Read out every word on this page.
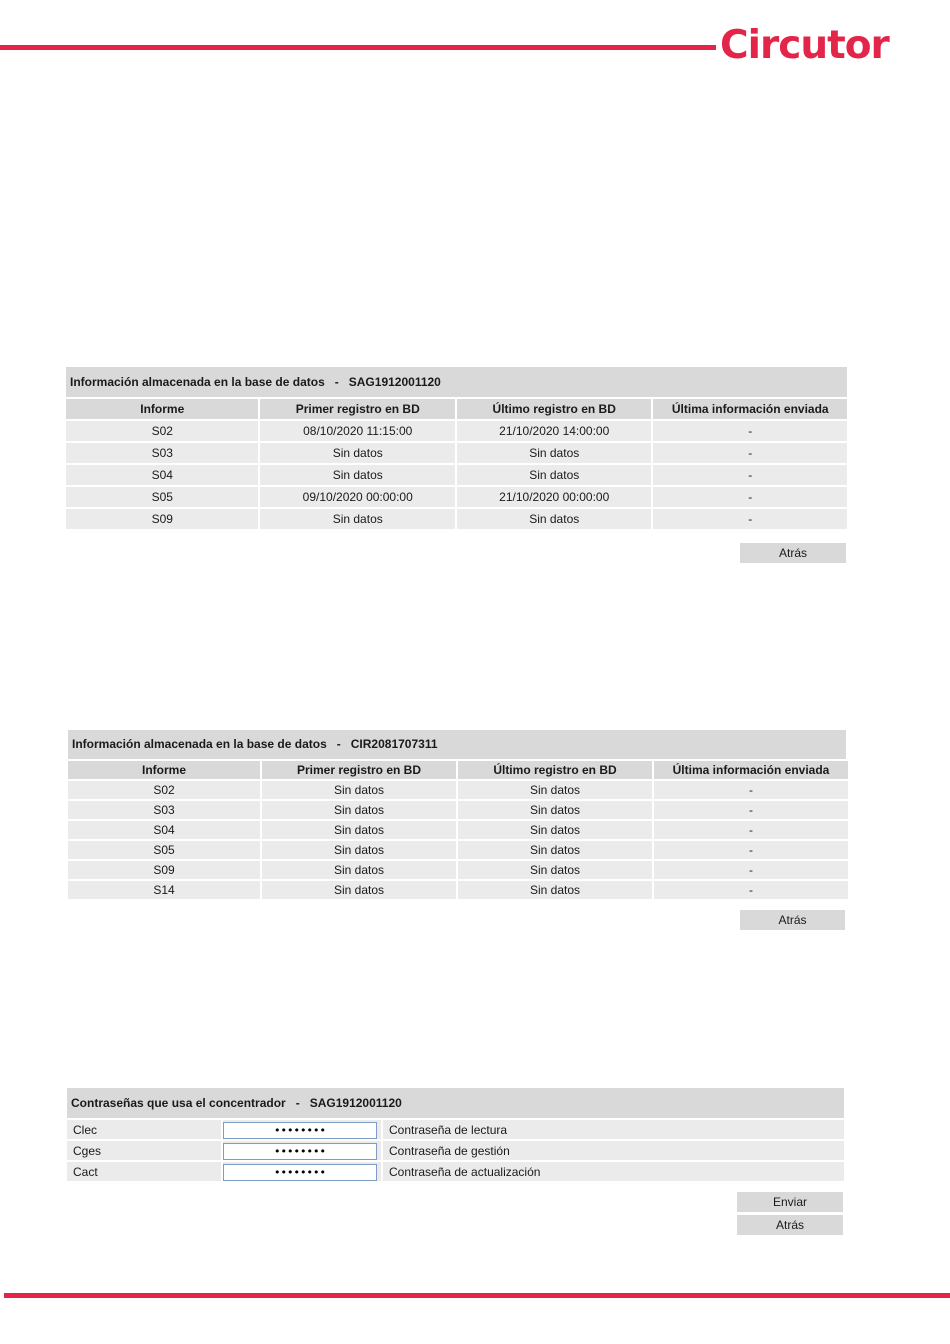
Circutor
Información almacenada en la base de datos - SAG1912001120
Informe	Primer registro en BD	Último registro en BD	Última información enviada
S02	08/10/2020 11:15:00	21/10/2020 14:00:00	-
S03	Sin datos	Sin datos	-
S04	Sin datos	Sin datos	-
S05	09/10/2020 00:00:00	21/10/2020 00:00:00	-
S09	Sin datos	Sin datos	-
Atrás
Información almacenada en la base de datos - CIR2081707311
Informe	Primer registro en BD	Último registro en BD	Última información enviada
S02	Sin datos	Sin datos	-
S03	Sin datos	Sin datos	-
S04	Sin datos	Sin datos	-
S05	Sin datos	Sin datos	-
S09	Sin datos	Sin datos	-
S14	Sin datos	Sin datos	-
Atrás
Contraseñas que usa el concentrador - SAG1912001120
Clec	••••••••	Contraseña de lectura
Cges	••••••••	Contraseña de gestión
Cact	••••••••	Contraseña de actualización
Enviar
Atrás
